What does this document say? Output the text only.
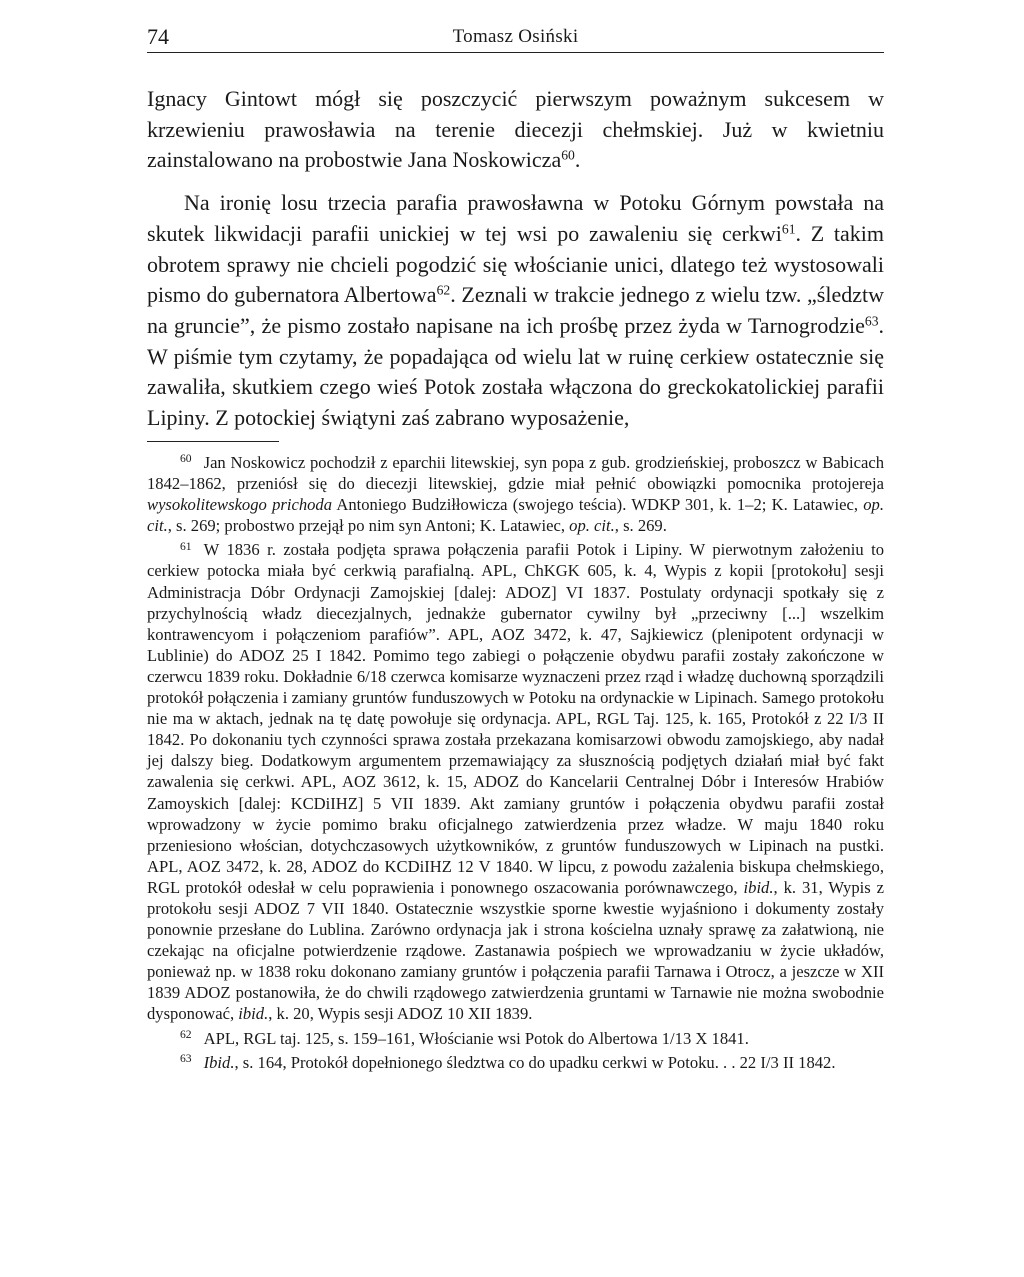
74	Tomasz Osiński

Ignacy Gintowt mógł się poszczycić pierwszym poważnym sukcesem w krzewieniu prawosławia na terenie diecezji chełmskiej. Już w kwietniu zainstalowano na probostwie Jana Noskowicza$^{60}$.

Na ironię losu trzecia parafia prawosławna w Potoku Górnym powstała na skutek likwidacji parafii unickiej w tej wsi po zawaleniu się cerkwi$^{61}$. Z takim obrotem sprawy nie chcieli pogodzić się włościanie unici, dlatego też wystosowali pismo do gubernatora Albertowa$^{62}$. Zeznali w trakcie jednego z wielu tzw. „śledztw na gruncie”, że pismo zostało napisane na ich prośbę przez żyda w Tarnogrodzie$^{63}$. W piśmie tym czytamy, że popadająca od wielu lat w ruinę cerkiew ostatecznie się zawaliła, skutkiem czego wieś Potok została włączona do greckokatolickiej parafii Lipiny. Z potockiej świątyni zaś zabrano wyposażenie,

$^{60}$ Jan Noskowicz pochodził z eparchii litewskiej, syn popa z gub. grodzieńskiej, proboszcz w Babicach 1842–1862, przeniósł się do diecezji litewskiej, gdzie miał pełnić obowiązki pomocnika protojereja wysokolitewskogo prichoda Antoniego Budziłłowicza (swojego teścia). WDKP 301, k. 1–2; K. Latawiec, op. cit., s. 269; probostwo przejął po nim syn Antoni; K. Latawiec, op. cit., s. 269.

$^{61}$ W 1836 r. została podjęta sprawa połączenia parafii Potok i Lipiny. W pierwotnym założeniu to cerkiew potocka miała być cerkwią parafialną. APL, ChKGK 605, k. 4, Wypis z kopii [protokołu] sesji Administracja Dóbr Ordynacji Zamojskiej [dalej: ADOZ] VI 1837. Postulaty ordynacji spotkały się z przychylnością władz diecezjalnych, jednakże gubernator cywilny był „przeciwny [...] wszelkim kontrawencyom i połączeniom parafiów”. APL, AOZ 3472, k. 47, Sajkiewicz (plenipotent ordynacji w Lublinie) do ADOZ 25 I 1842. Pomimo tego zabiegi o połączenie obydwu parafii zostały zakończone w czerwcu 1839 roku. Dokładnie 6/18 czerwca komisarze wyznaczeni przez rząd i władzę duchowną sporządzili protokół połączenia i zamiany gruntów funduszowych w Potoku na ordynackie w Lipinach. Samego protokołu nie ma w aktach, jednak na tę datę powołuje się ordynacja. APL, RGL Taj. 125, k. 165, Protokół z 22 I/3 II 1842. Po dokonaniu tych czynności sprawa została przekazana komisarzowi obwodu zamojskiego, aby nadał jej dalszy bieg. Dodatkowym argumentem przemawiający za słusznością podjętych działań miał być fakt zawalenia się cerkwi. APL, AOZ 3612, k. 15, ADOZ do Kancelarii Centralnej Dóbr i Interesów Hrabiów Zamoyskich [dalej: KCDiIHZ] 5 VII 1839. Akt zamiany gruntów i połączenia obydwu parafii został wprowadzony w życie pomimo braku oficjalnego zatwierdzenia przez władze. W maju 1840 roku przeniesiono włościan, dotychczasowych użytkowników, z gruntów funduszowych w Lipinach na pustki. APL, AOZ 3472, k. 28, ADOZ do KCDiIHZ 12 V 1840. W lipcu, z powodu zażalenia biskupa chełmskiego, RGL protokół odesłał w celu poprawienia i ponownego oszacowania porównawczego, ibid., k. 31, Wypis z protokołu sesji ADOZ 7 VII 1840. Ostatecznie wszystkie sporne kwestie wyjaśniono i dokumenty zostały ponownie przesłane do Lublina. Zarówno ordynacja jak i strona kościelna uznały sprawę za załatwioną, nie czekając na oficjalne potwierdzenie rządowe. Zastanawia pośpiech we wprowadzaniu w życie układów, ponieważ np. w 1838 roku dokonano zamiany gruntów i połączenia parafii Tarnawa i Otrocz, a jeszcze w XII 1839 ADOZ postanowiła, że do chwili rządowego zatwierdzenia gruntami w Tarnawie nie można swobodnie dysponować, ibid., k. 20, Wypis sesji ADOZ 10 XII 1839.

$^{62}$ APL, RGL taj. 125, s. 159–161, Włościanie wsi Potok do Albertowa 1/13 X 1841.

$^{63}$ Ibid., s. 164, Protokół dopełnionego śledztwa co do upadku cerkwi w Potoku. . . 22 I/3 II 1842.
